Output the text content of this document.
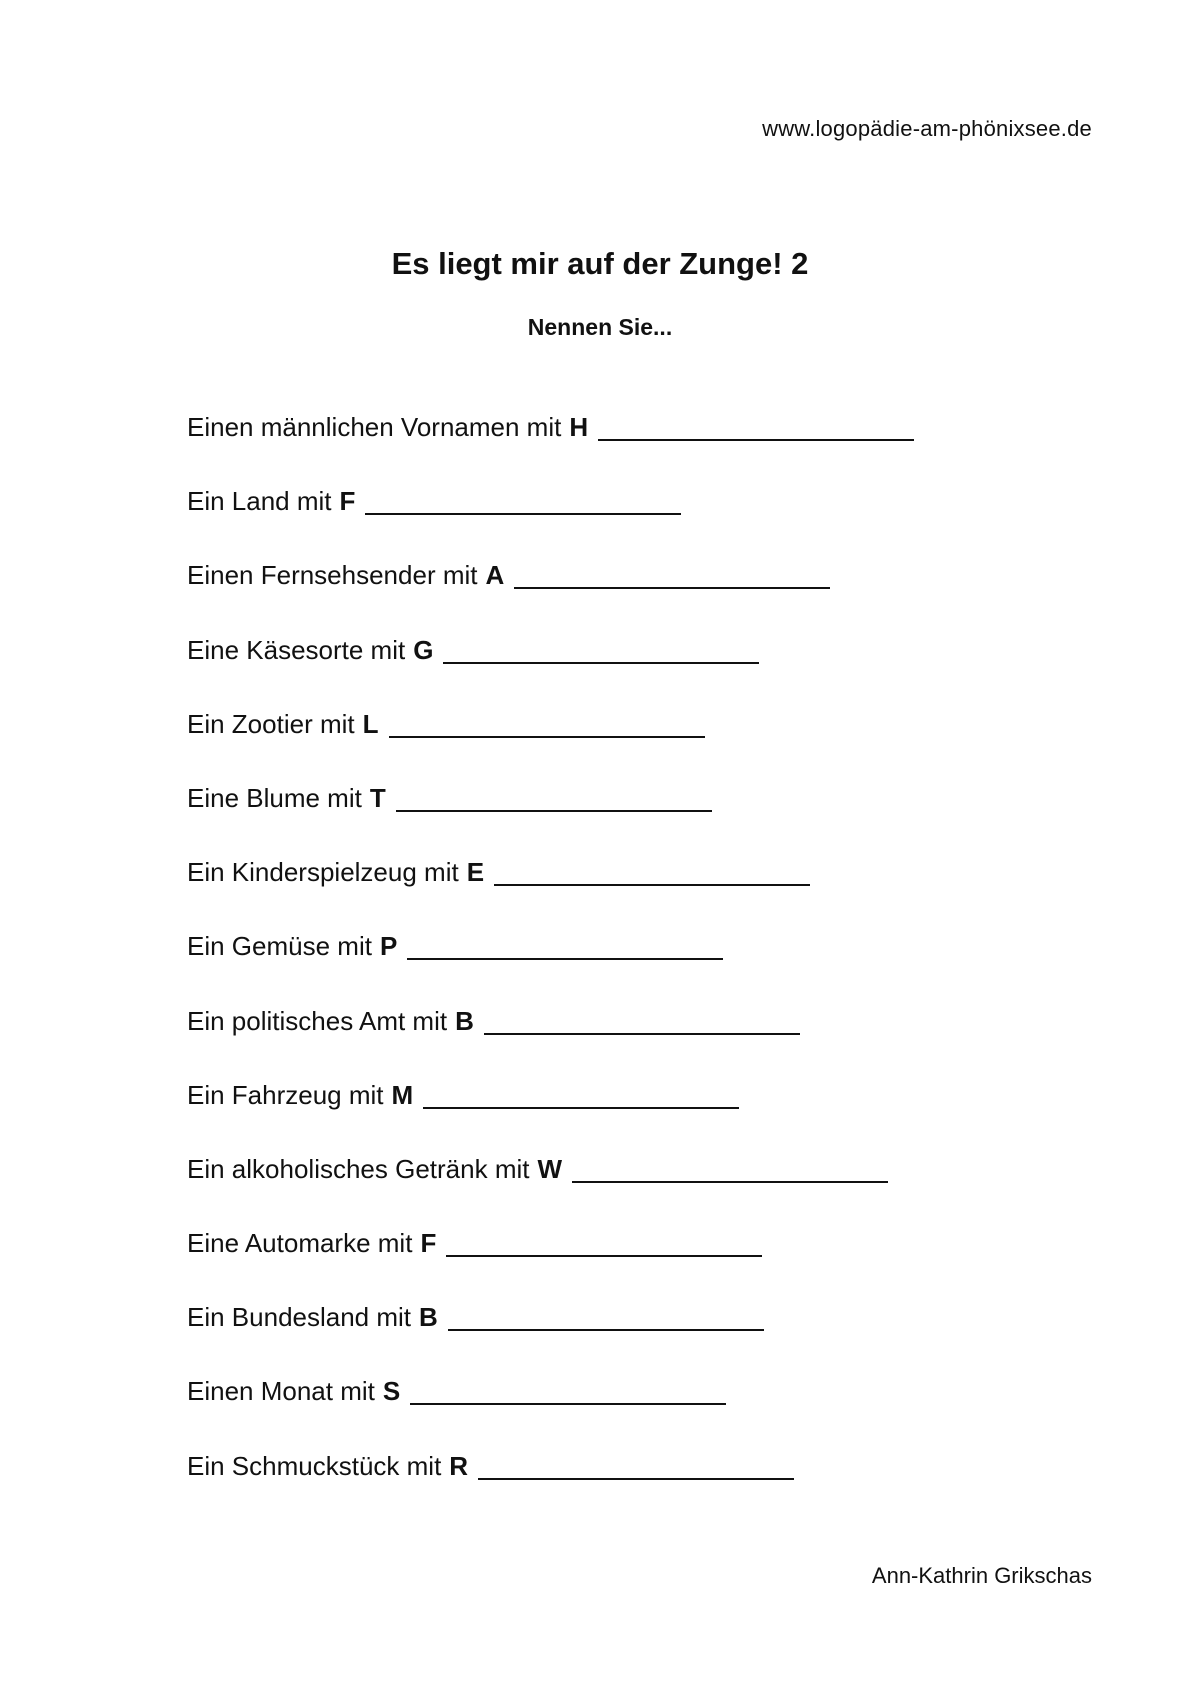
www.logopädie-am-phönixsee.de
Es liegt mir auf der Zunge! 2
Nennen Sie...
Einen männlichen Vornamen mit H
Ein Land mit F
Einen Fernsehsender mit A
Eine Käsesorte mit G
Ein Zootier mit L
Eine Blume mit T
Ein Kinderspielzeug mit E
Ein Gemüse mit P
Ein politisches Amt mit B
Ein Fahrzeug mit M
Ein alkoholisches Getränk mit W
Eine Automarke mit F
Ein Bundesland mit B
Einen Monat mit S
Ein Schmuckstück mit R
Ann-Kathrin Grikschas
